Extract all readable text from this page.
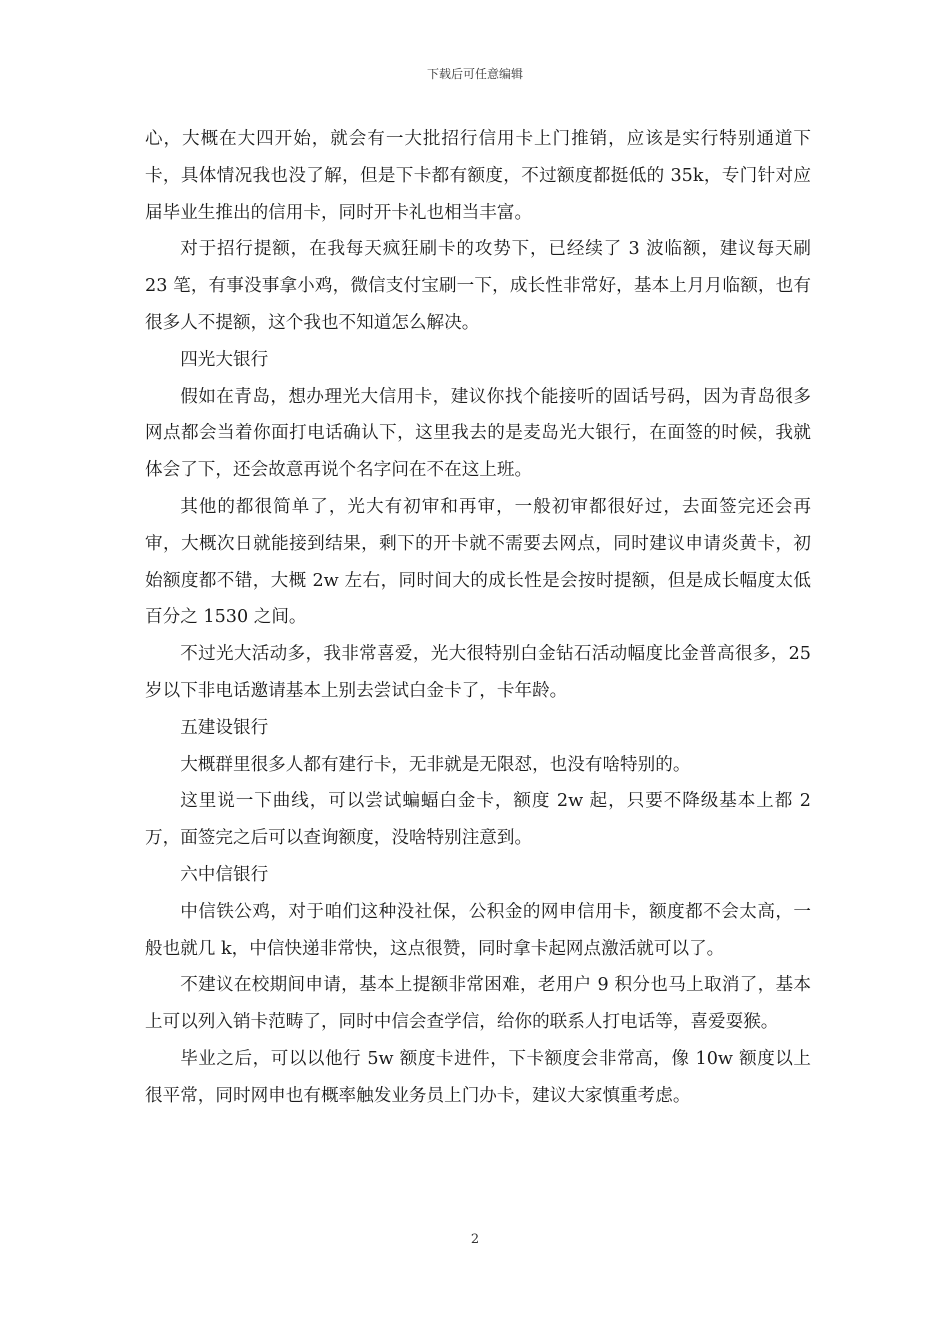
下载后可任意编辑

心，大概在大四开始，就会有一大批招行信用卡上门推销，应该是实行特别通道下卡，具体情况我也没了解，但是下卡都有额度，不过额度都挺低的 35k，专门针对应届毕业生推出的信用卡，同时开卡礼也相当丰富。

对于招行提额，在我每天疯狂刷卡的攻势下，已经续了 3 波临额，建议每天刷 23 笔，有事没事拿小鸡，微信支付宝刷一下，成长性非常好，基本上月月临额，也有很多人不提额，这个我也不知道怎么解决。

四光大银行

假如在青岛，想办理光大信用卡，建议你找个能接听的固话号码，因为青岛很多网点都会当着你面打电话确认下，这里我去的是麦岛光大银行，在面签的时候，我就体会了下，还会故意再说个名字问在不在这上班。

其他的都很简单了，光大有初审和再审，一般初审都很好过，去面签完还会再审，大概次日就能接到结果，剩下的开卡就不需要去网点，同时建议申请炎黄卡，初始额度都不错，大概 2w 左右，同时间大的成长性是会按时提额，但是成长幅度太低百分之 1530 之间。

不过光大活动多，我非常喜爱，光大很特别白金钻石活动幅度比金普高很多，25 岁以下非电话邀请基本上别去尝试白金卡了，卡年龄。

五建设银行

大概群里很多人都有建行卡，无非就是无限怼，也没有啥特别的。

这里说一下曲线，可以尝试蝙蝠白金卡，额度 2w 起，只要不降级基本上都 2 万，面签完之后可以查询额度，没啥特别注意到。

六中信银行

中信铁公鸡，对于咱们这种没社保，公积金的网申信用卡，额度都不会太高，一般也就几 k，中信快递非常快，这点很赞，同时拿卡起网点激活就可以了。

不建议在校期间申请，基本上提额非常困难，老用户 9 积分也马上取消了，基本上可以列入销卡范畴了，同时中信会查学信，给你的联系人打电话等，喜爱耍猴。

毕业之后，可以以他行 5w 额度卡进件，下卡额度会非常高，像 10w 额度以上很平常，同时网申也有概率触发业务员上门办卡，建议大家慎重考虑。

2
